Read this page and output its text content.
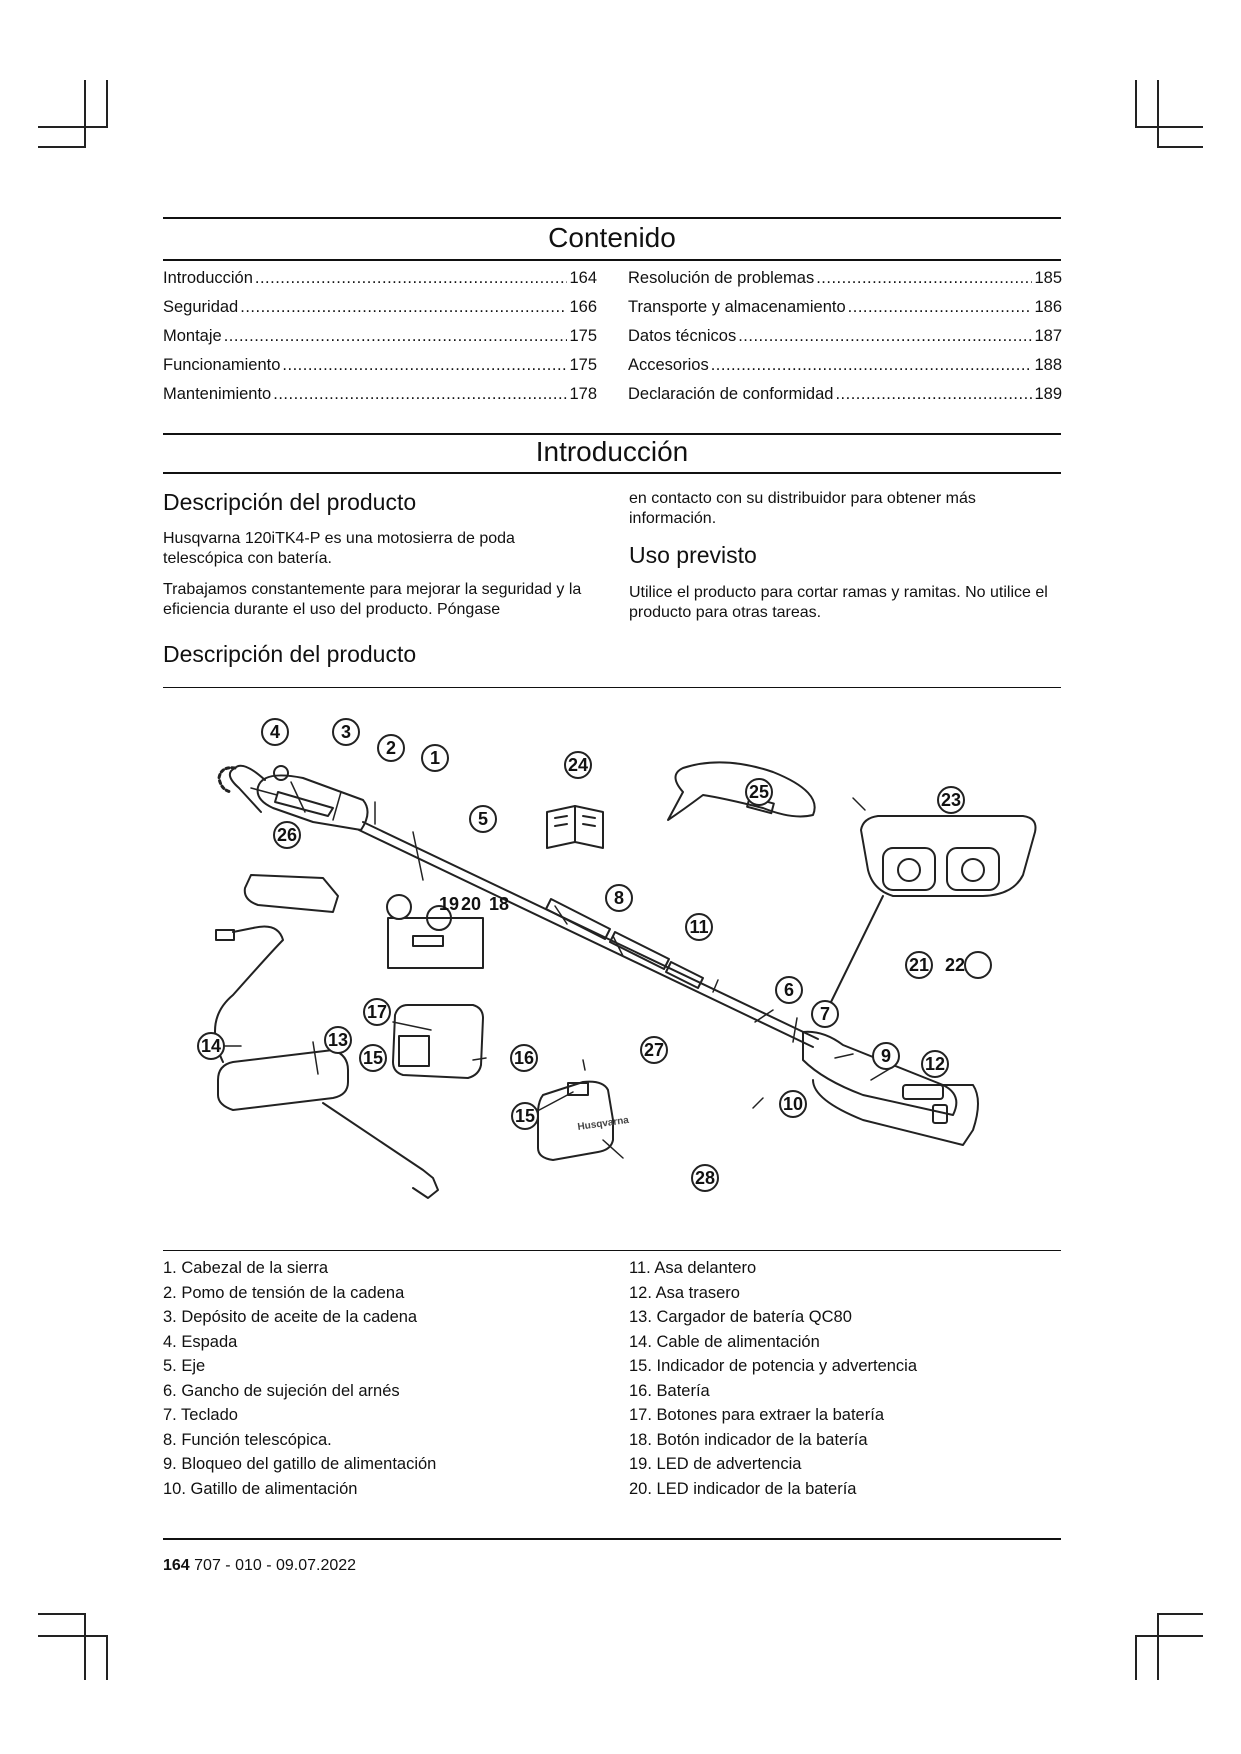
Contenido
Introducción .....	164
Seguridad .....	166
Montaje .....	175
Funcionamiento .....	175
Mantenimiento .....	178
Resolución de problemas .....	185
Transporte y almacenamiento .....	186
Datos técnicos .....	187
Accesorios .....	188
Declaración de conformidad .....	189
Introducción
Descripción del producto
Husqvarna 120iTK4-P es una motosierra de poda telescópica con batería.
Trabajamos constantemente para mejorar la seguridad y la eficiencia durante el uso del producto. Póngase
en contacto con su distribuidor para obtener más información.
Uso previsto
Utilice el producto para cortar ramas y ramitas. No utilice el producto para otras tareas.
Descripción del producto
1
2
3
4
5
6
7
8
9
10
11
12
13
14
15
15
16
17
18
19 20
21 22
23
24
25
26
27
28
Husqvarna
1. Cabezal de la sierra
2. Pomo de tensión de la cadena
3. Depósito de aceite de la cadena
4. Espada
5. Eje
6. Gancho de sujeción del arnés
7. Teclado
8. Función telescópica.
9. Bloqueo del gatillo de alimentación
10. Gatillo de alimentación
11. Asa delantero
12. Asa trasero
13. Cargador de batería QC80
14. Cable de alimentación
15. Indicador de potencia y advertencia
16. Batería
17. Botones para extraer la batería
18. Botón indicador de la batería
19. LED de advertencia
20. LED indicador de la batería
164 707 - 010 - 09.07.2022
